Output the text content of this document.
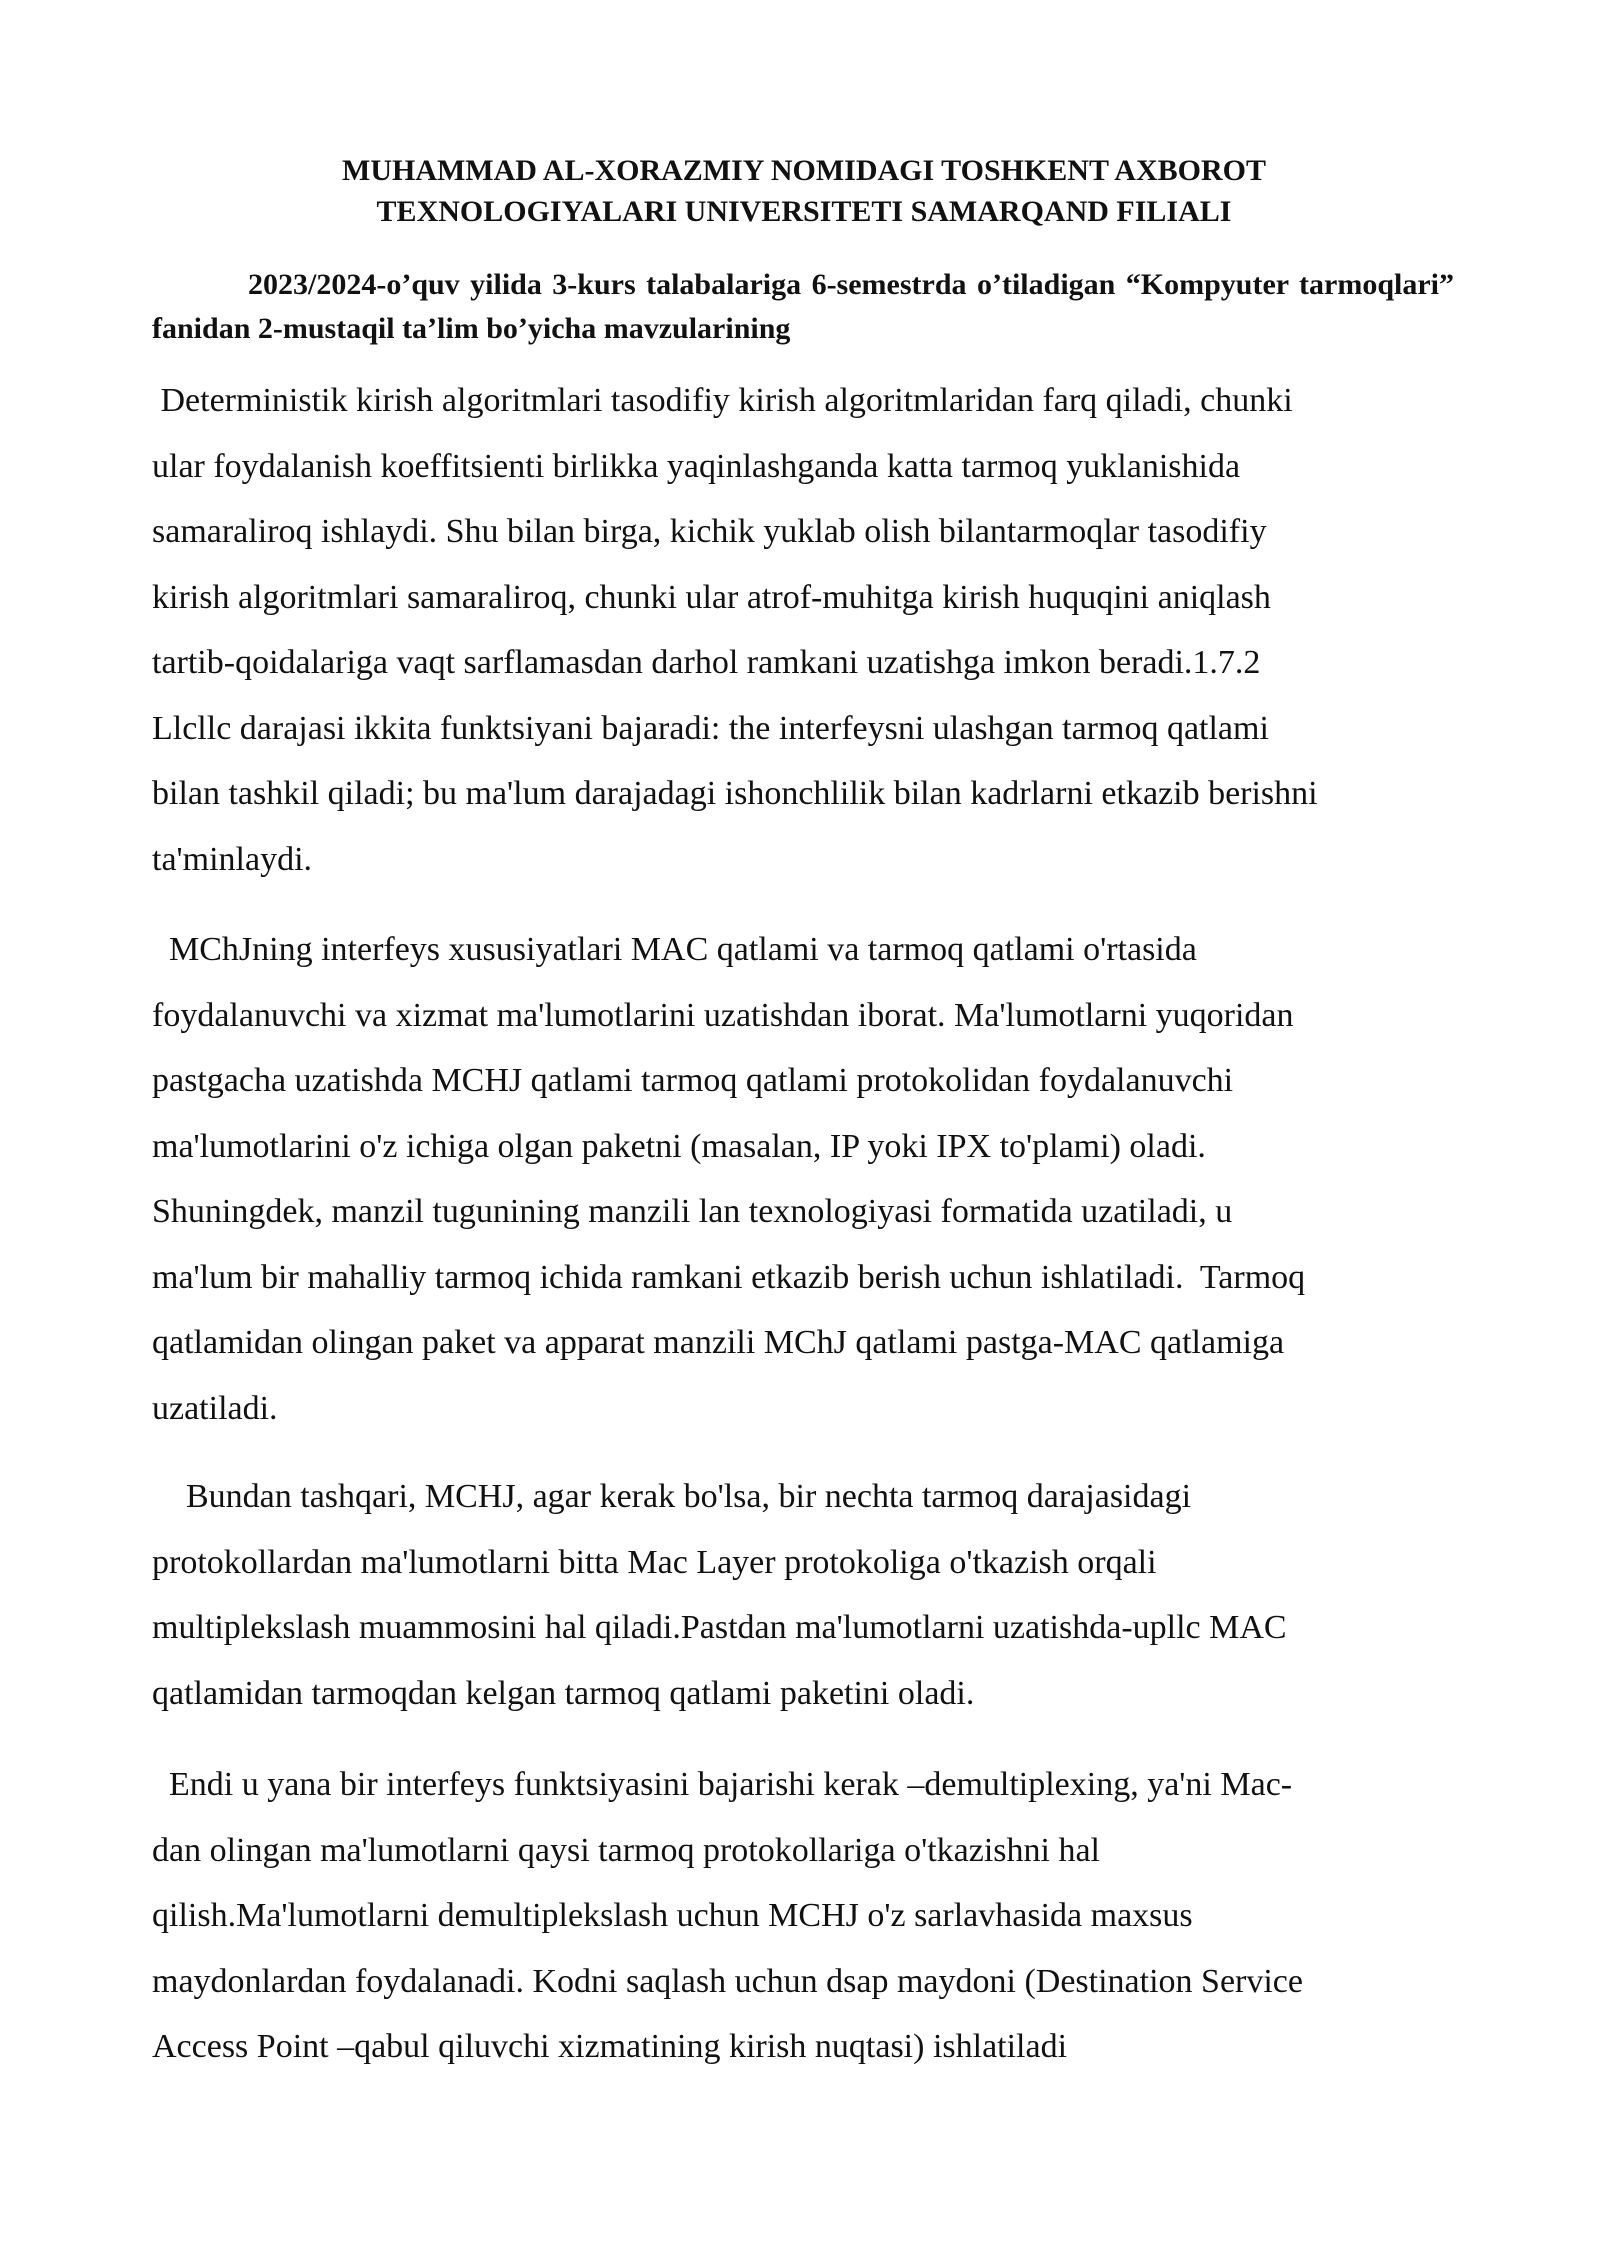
MUHAMMAD AL-XORAZMIY NOMIDAGI TOSHKENT AXBOROT
TEXNOLOGIYALARI UNIVERSITETI SAMARQAND FILIALI

2023/2024-o’quv yilida 3-kurs talabalariga 6-semestrda o’tiladigan “Kompyuter tarmoqlari” fanidan 2-mustaqil ta’lim bo’yicha mavzularining

Deterministik kirish algoritmlari tasodifiy kirish algoritmlaridan farq qiladi, chunki
ular foydalanish koeffitsienti birlikka yaqinlashganda katta tarmoq yuklanishida
samaraliroq ishlaydi. Shu bilan birga, kichik yuklab olish bilantarmoqlar tasodifiy
kirish algoritmlari samaraliroq, chunki ular atrof-muhitga kirish huquqini aniqlash
tartib-qoidalariga vaqt sarflamasdan darhol ramkani uzatishga imkon beradi.1.7.2
Llcllc darajasi ikkita funktsiyani bajaradi: the interfeysni ulashgan tarmoq qatlami
bilan tashkil qiladi; bu ma'lum darajadagi ishonchlilik bilan kadrlarni etkazib berishni
ta'minlaydi.

MChJning interfeys xususiyatlari MAC qatlami va tarmoq qatlami o'rtasida
foydalanuvchi va xizmat ma'lumotlarini uzatishdan iborat. Ma'lumotlarni yuqoridan
pastgacha uzatishda MCHJ qatlami tarmoq qatlami protokolidan foydalanuvchi
ma'lumotlarini o'z ichiga olgan paketni (masalan, IP yoki IPX to'plami) oladi.
Shuningdek, manzil tugunining manzili lan texnologiyasi formatida uzatiladi, u
ma'lum bir mahalliy tarmoq ichida ramkani etkazib berish uchun ishlatiladi.  Tarmoq
qatlamidan olingan paket va apparat manzili MChJ qatlami pastga-MAC qatlamiga
uzatiladi.

Bundan tashqari, MCHJ, agar kerak bo'lsa, bir nechta tarmoq darajasidagi
protokollardan ma'lumotlarni bitta Mac Layer protokoliga o'tkazish orqali
multiplekslash muammosini hal qiladi.Pastdan ma'lumotlarni uzatishda-upllc MAC
qatlamidan tarmoqdan kelgan tarmoq qatlami paketini oladi.

Endi u yana bir interfeys funktsiyasini bajarishi kerak –demultiplexing, ya'ni Mac-
dan olingan ma'lumotlarni qaysi tarmoq protokollariga o'tkazishni hal
qilish.Ma'lumotlarni demultiplekslash uchun MCHJ o'z sarlavhasida maxsus
maydonlardan foydalanadi. Kodni saqlash uchun dsap maydoni (Destination Service
Access Point –qabul qiluvchi xizmatining kirish nuqtasi) ishlatiladi
